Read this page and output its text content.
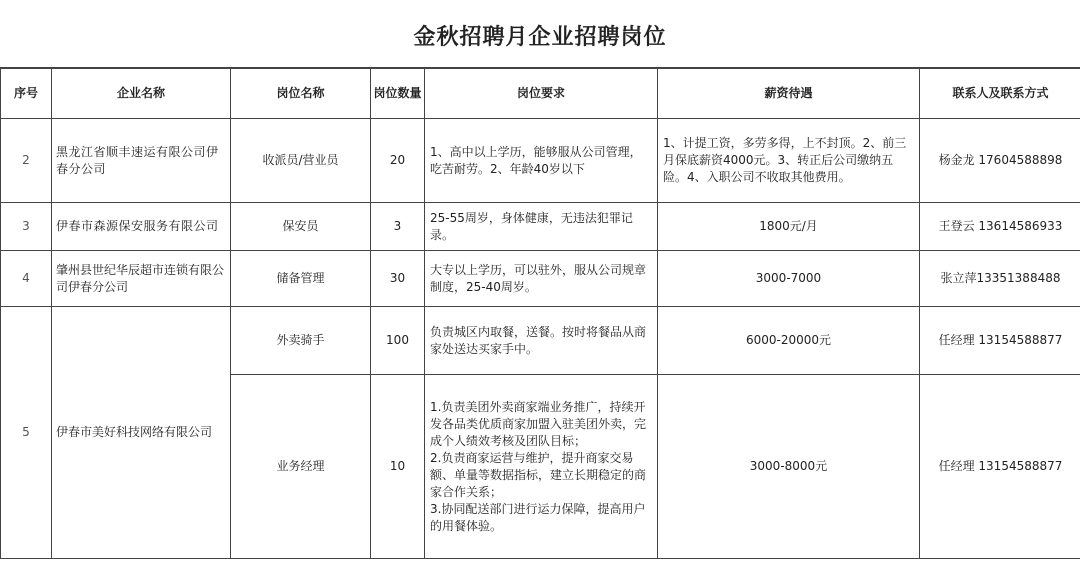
金秋招聘月企业招聘岗位
序号	企业名称	岗位名称	岗位数量	岗位要求	薪资待遇	联系人及联系方式
2	黑龙江省顺丰速运有限公司伊春分公司	收派员/营业员	20	1、高中以上学历，能够服从公司管理，吃苦耐劳。2、年龄40岁以下	1、计提工资，多劳多得，上不封顶。2、前三月保底薪资4000元。3、转正后公司缴纳五险。4、入职公司不收取其他费用。	杨金龙 17604588898
3	伊春市森源保安服务有限公司	保安员	3	25-55周岁，身体健康，无违法犯罪记录。	1800元/月	王登云 13614586933
4	肇州县世纪华辰超市连锁有限公司伊春分公司	储备管理	30	大专以上学历，可以驻外，服从公司规章制度，25-40周岁。	3000-7000	张立萍13351388488
5	伊春市美好科技网络有限公司	外卖骑手	100	负责城区内取餐，送餐。按时将餐品从商家处送达买家手中。	6000-20000元	任经理 13154588877
		业务经理	10	1.负责美团外卖商家端业务推广，持续开发各品类优质商家加盟入驻美团外卖，完成个人绩效考核及团队目标；
2.负责商家运营与维护，提升商家交易额、单量等数据指标，建立长期稳定的商家合作关系；
3.协同配送部门进行运力保障，提高用户的用餐体验。	3000-8000元	任经理 13154588877
